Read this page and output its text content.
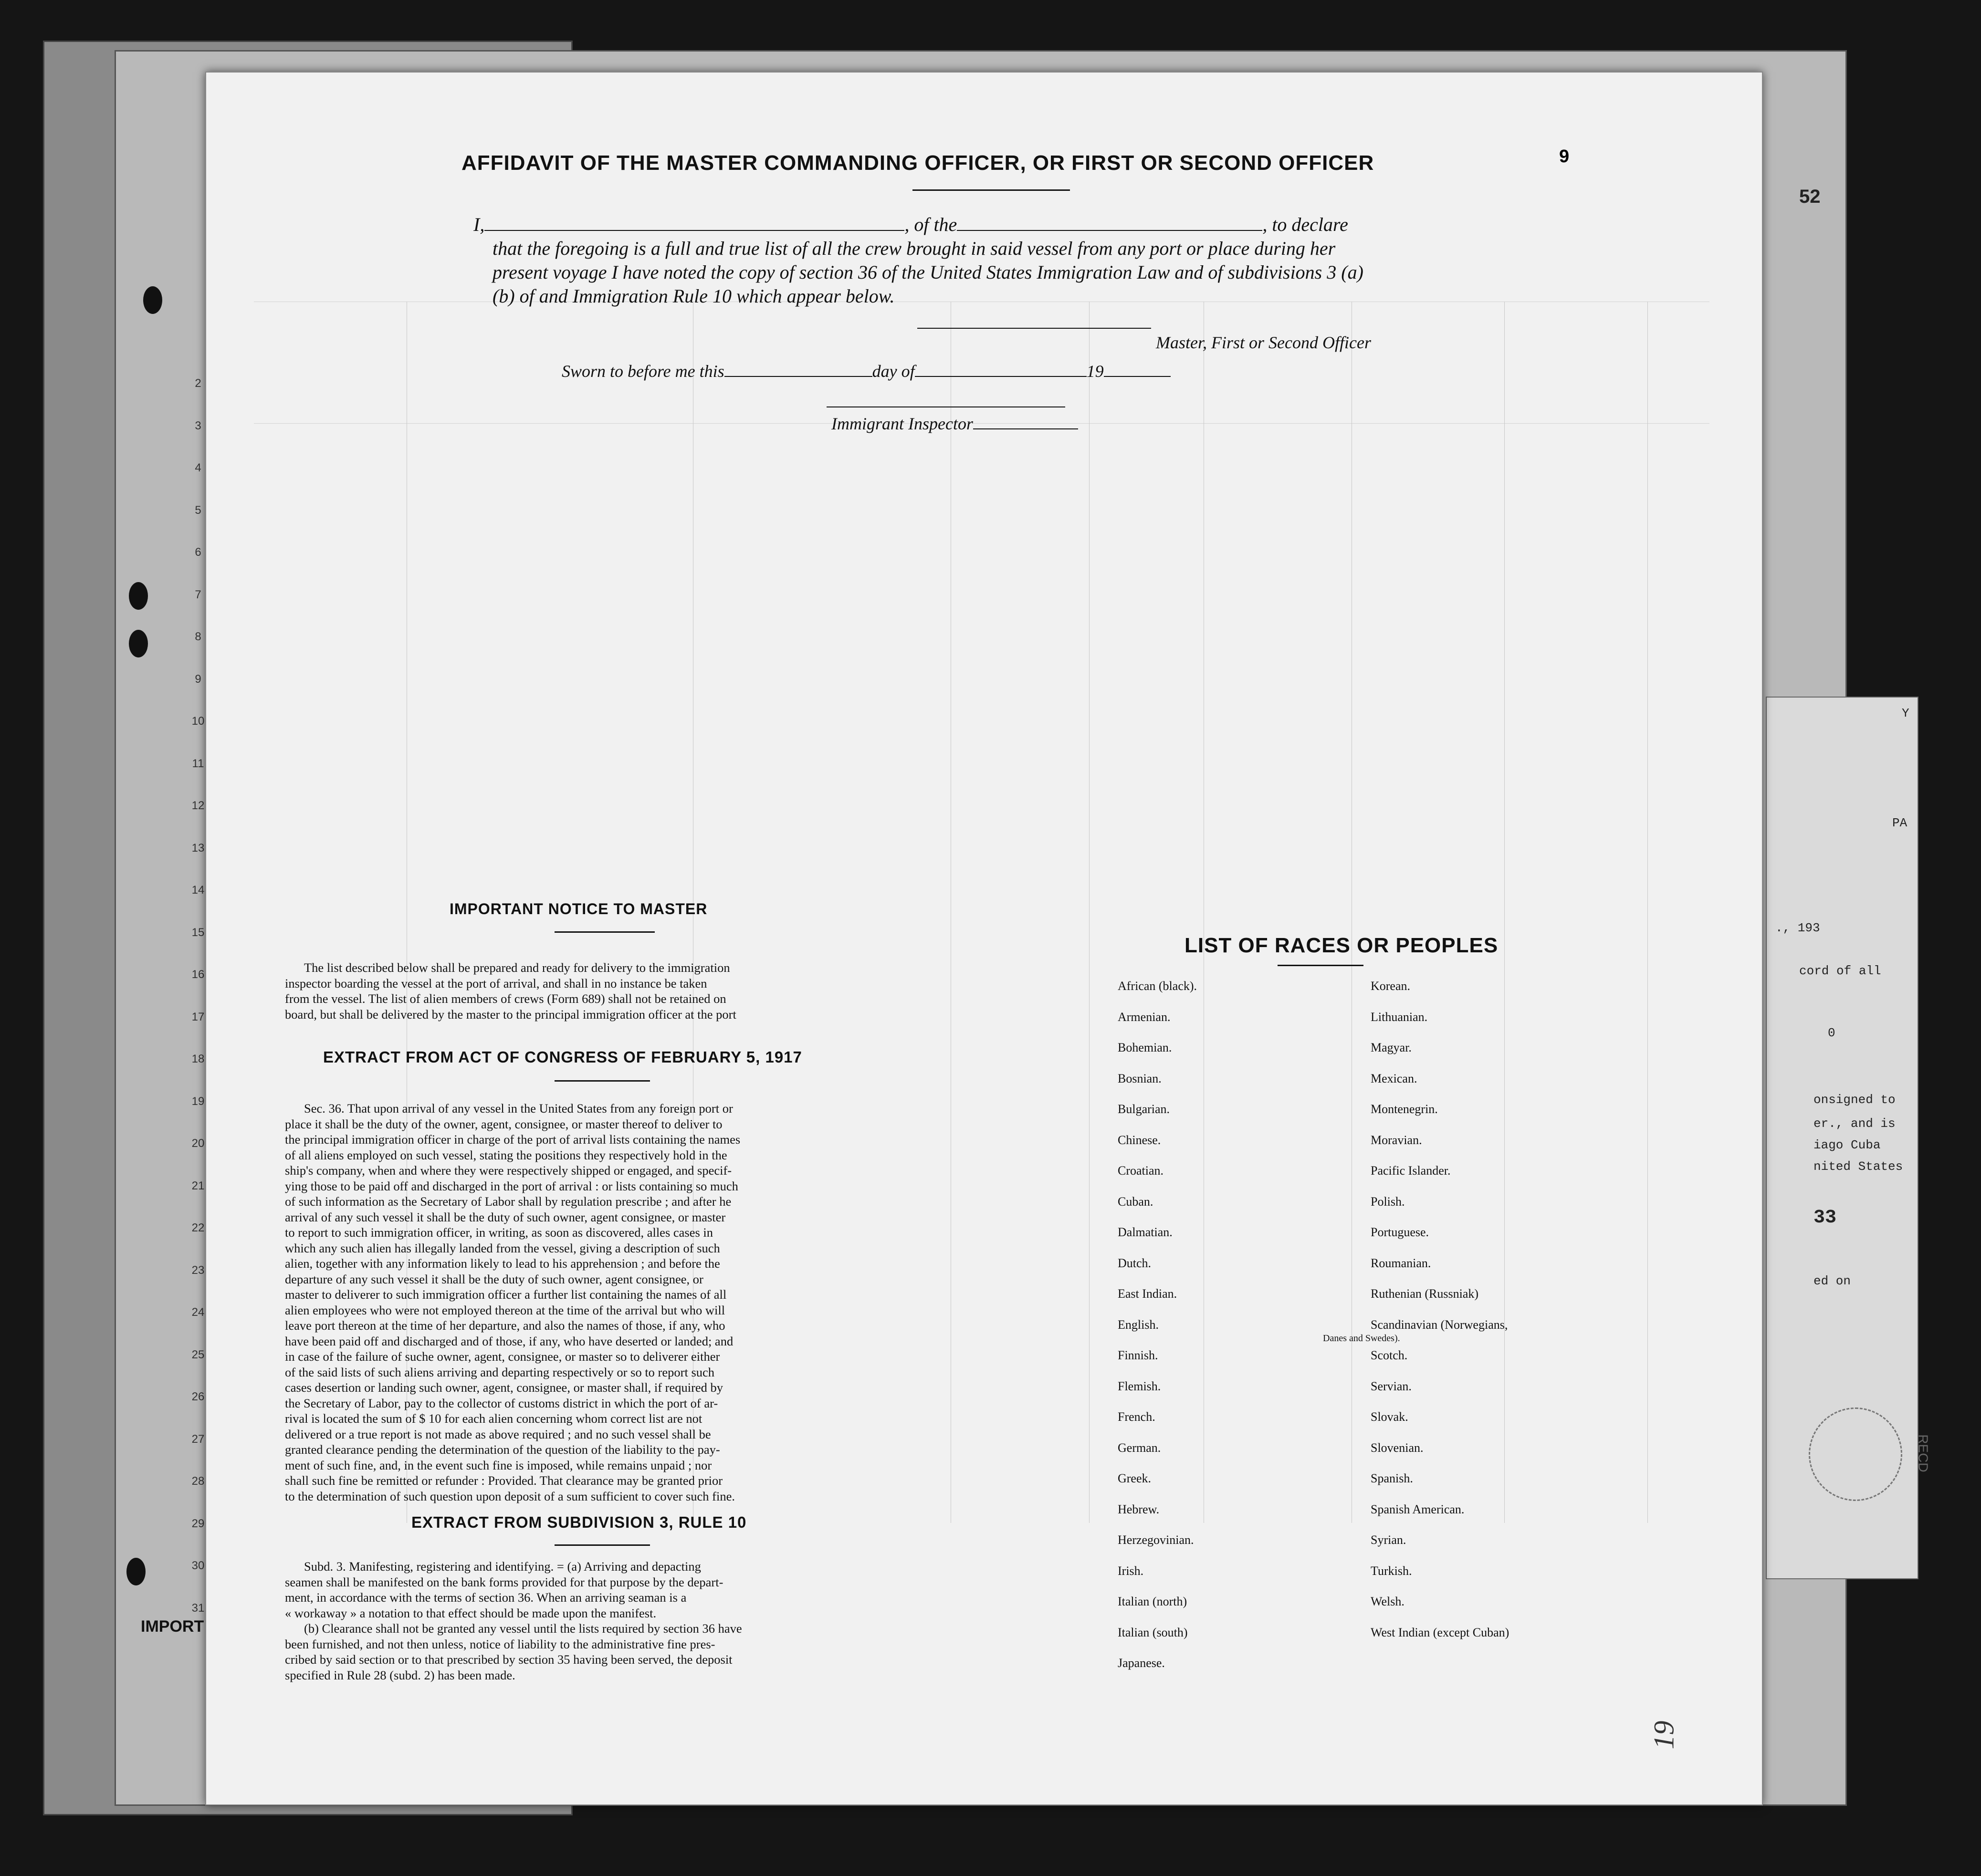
Y
PA
., 193
cord of all
0
onsigned to
er., and is
iago Cuba
nited States
33
ed on
RECD
52
IMPORT
2
3
4
5
6
7
8
9
10
11
12
13
14
15
16
17
18
19
20
21
22
23
24
25
26
27
28
29
30
31
AFFIDAVIT OF THE MASTER COMMANDING OFFICER, OR FIRST OR SECOND OFFICER	9
I,	, of the	, to declare
that the foregoing is a full and true list of all the crew brought in said vessel from any port or place during her
present voyage I have noted the copy of section 36 of the United States Immigration Law and of subdivisions 3 (a)
(b) of and Immigration Rule 10 which appear below.
Master, First or Second Officer
Sworn to before me this	day of	19
Immigrant Inspector
IMPORTANT NOTICE TO MASTER
The list described below shall be prepared and ready for delivery to the immigration
inspector boarding the vessel at the port of arrival, and shall in no instance be taken
from the vessel. The list of alien members of crews (Form 689) shall not be retained on
board, but shall be delivered by the master to the principal immigration officer at the port
EXTRACT FROM ACT OF CONGRESS OF FEBRUARY 5, 1917
Sec. 36. That upon arrival of any vessel in the United States from any foreign port or
place it shall be the duty of the owner, agent, consignee, or master thereof to deliver to
the principal immigration officer in charge of the port of arrival lists containing the names
of all aliens employed on such vessel, stating the positions they respectively hold in the
ship's company, when and where they were respectively shipped or engaged, and specif-
ying those to be paid off and discharged in the port of arrival : or lists containing so much
of such information as the Secretary of Labor shall by regulation prescribe ; and after he
arrival of any such vessel it shall be the duty of such owner, agent consignee, or master
to report to such immigration officer, in writing, as soon as discovered, alles cases in
which any such alien has illegally landed from the vessel, giving a description of such
alien, together with any information likely to lead to his apprehension ; and before the
departure of any such vessel it shall be the duty of such owner, agent consignee, or
master to deliverer to such immigration officer a further list containing the names of all
alien employees who were not employed thereon at the time of the arrival but who will
leave port thereon at the time of her departure, and also the names of those, if any, who
have been paid off and discharged and of those, if any, who have deserted or landed; and
in case of the failure of suche owner, agent, consignee, or master so to deliverer either
of the said lists of such aliens arriving and departing respectively or so to report such
cases desertion or landing such owner, agent, consignee, or master shall, if required by
the Secretary of Labor, pay to the collector of customs district in which the port of ar-
rival is located the sum of $ 10 for each alien concerning whom correct list are not
delivered or a true report is not made as above required ; and no such vessel shall be
granted clearance pending the determination of the question of the liability to the pay-
ment of such fine, and, in the event such fine is imposed, while remains unpaid ; nor
shall such fine be remitted or refunder : Provided. That clearance may be granted prior
to the determination of such question upon deposit of a sum sufficient to cover such fine.
EXTRACT FROM SUBDIVISION 3, RULE 10
Subd. 3. Manifesting, registering and identifying. = (a) Arriving and depacting
seamen shall be manifested on the bank forms provided for that purpose by the depart-
ment, in accordance with the terms of section 36. When an arriving seaman is a
« workaway » a notation to that effect should be made upon the manifest.
(b) Clearance shall not be granted any vessel until the lists required by section 36 have
been furnished, and not then unless, notice of liability to the administrative fine pres-
cribed by said section or to that prescribed by section 35 having been served, the deposit
specified in Rule 28 (subd. 2) has been made.
LIST OF RACES OR PEOPLES
African (black).
Armenian.
Bohemian.
Bosnian.
Bulgarian.
Chinese.
Croatian.
Cuban.
Dalmatian.
Dutch.
East Indian.
English.
Finnish.
Flemish.
French.
German.
Greek.
Hebrew.
Herzegovinian.
Irish.
Italian (north)
Italian (south)
Japanese.
Korean.
Lithuanian.
Magyar.
Mexican.
Montenegrin.
Moravian.
Pacific Islander.
Polish.
Portuguese.
Roumanian.
Ruthenian (Russniak)
Scandinavian (Norwegians,
Danes and Swedes).
Scotch.
Servian.
Slovak.
Slovenian.
Spanish.
Spanish American.
Syrian.
Turkish.
Welsh.
West Indian (except Cuban)
19
